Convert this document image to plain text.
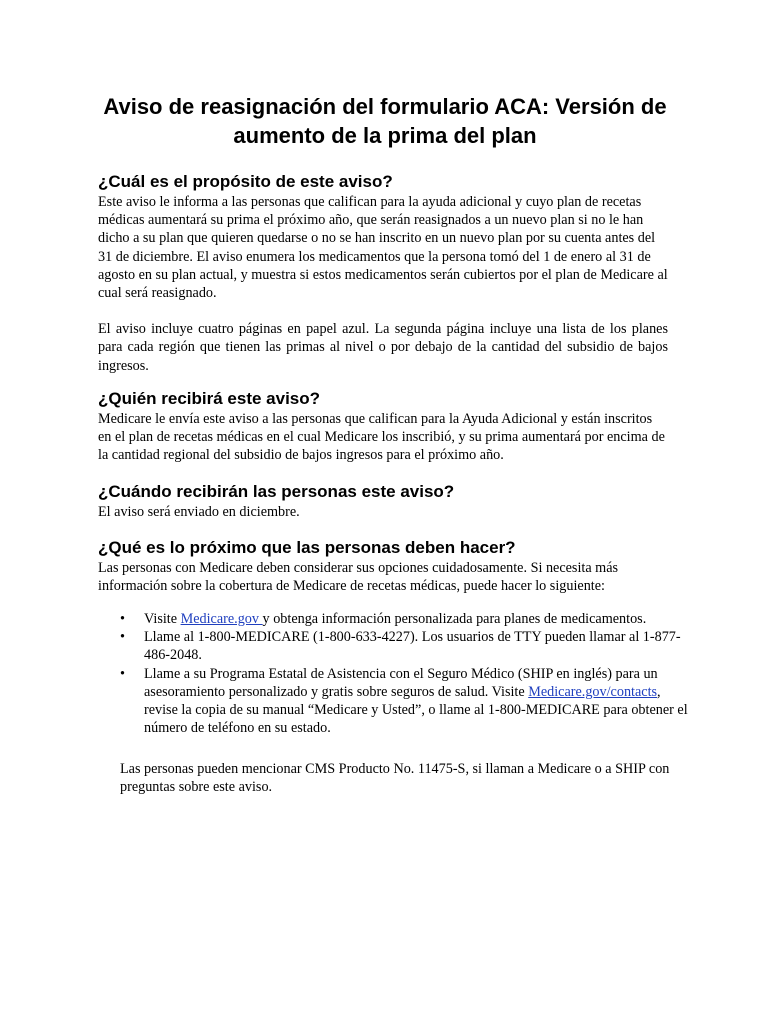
Aviso de reasignación del formulario ACA: Versión de aumento de la prima del plan
¿Cuál es el propósito de este aviso?

Este aviso le informa a las personas que califican para la ayuda adicional y cuyo plan de recetas médicas aumentará su prima el próximo año, que serán reasignados a un nuevo plan si no le han dicho a su plan que quieren quedarse o no se han inscrito en un nuevo plan por su cuenta antes del 31 de diciembre. El aviso enumera los medicamentos que la persona tomó del 1 de enero al 31 de agosto en su plan actual, y muestra si estos medicamentos serán cubiertos por el plan de Medicare al cual será reasignado.

El aviso incluye cuatro páginas en papel azul. La segunda página incluye una lista de los planes para cada región que tienen las primas al nivel o por debajo de la cantidad del subsidio de bajos ingresos.

¿Quién recibirá este aviso?

Medicare le envía este aviso a las personas que califican para la Ayuda Adicional y están inscritos en el plan de recetas médicas en el cual Medicare los inscribió, y su prima aumentará por encima de la cantidad regional del subsidio de bajos ingresos para el próximo año.

¿Cuándo recibirán las personas este aviso?

El aviso será enviado en diciembre.

¿Qué es lo próximo que las personas deben hacer?

Las personas con Medicare deben considerar sus opciones cuidadosamente. Si necesita más información sobre la cobertura de Medicare de recetas médicas, puede hacer lo siguiente:

• Visite Medicare.gov y obtenga información personalizada para planes de medicamentos.
• Llame al 1-800-MEDICARE (1-800-633-4227). Los usuarios de TTY pueden llamar al 1-877-486-2048.
• Llame a su Programa Estatal de Asistencia con el Seguro Médico (SHIP en inglés) para un asesoramiento personalizado y gratis sobre seguros de salud. Visite Medicare.gov/contacts, revise la copia de su manual “Medicare y Usted”, o llame al 1-800-MEDICARE para obtener el número de teléfono en su estado.

Las personas pueden mencionar CMS Producto No. 11475-S, si llaman a Medicare o a SHIP con preguntas sobre este aviso.
